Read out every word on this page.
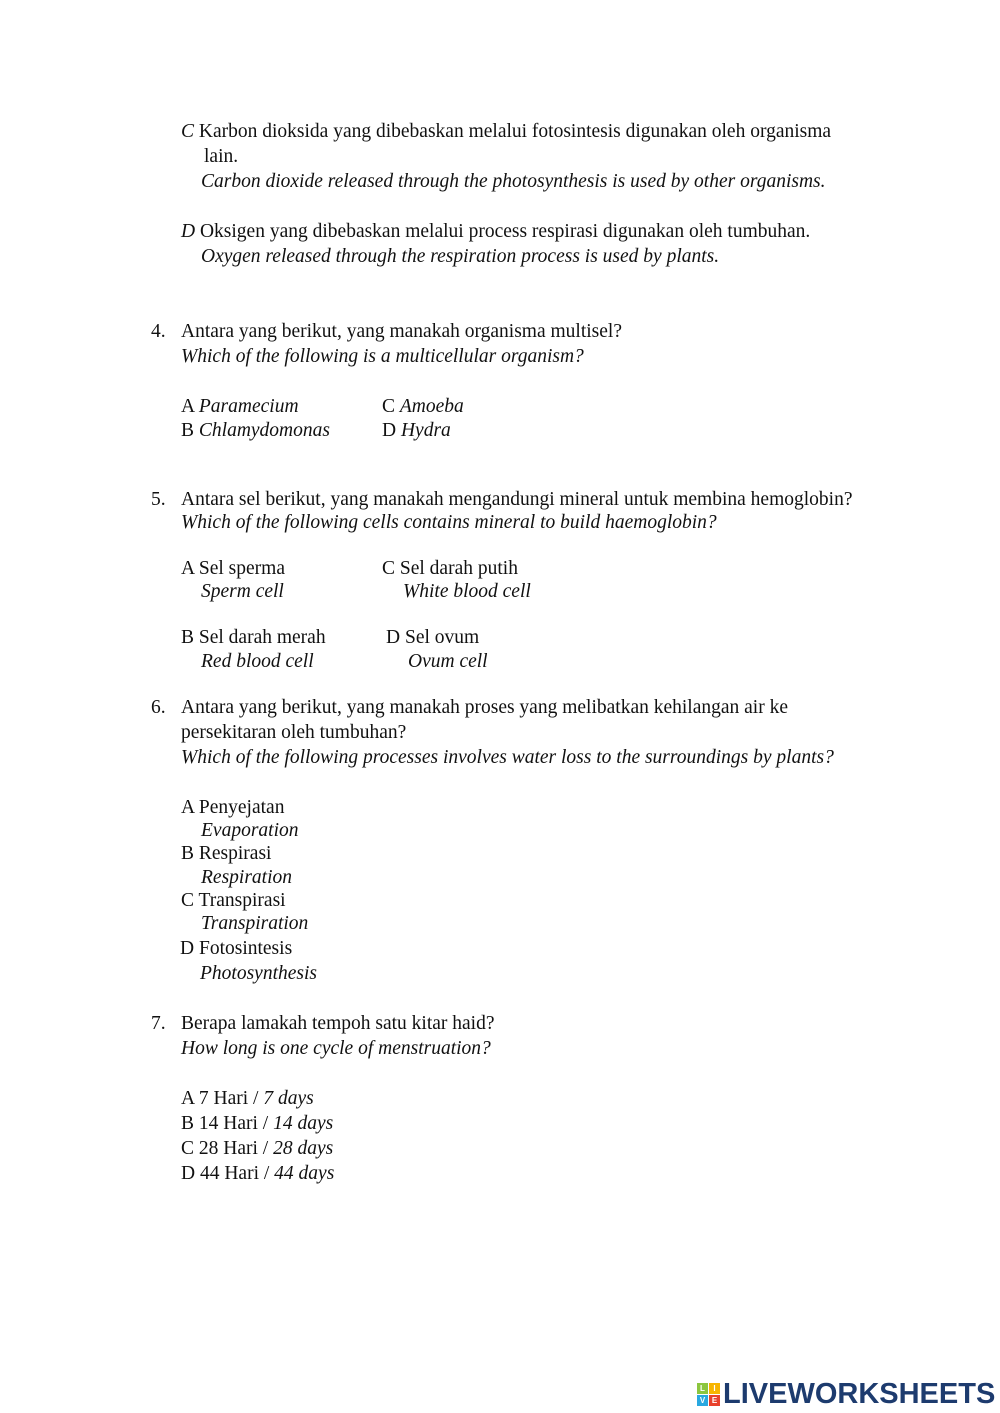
C Karbon dioksida yang dibebaskan melalui fotosintesis digunakan oleh organisma
lain.
Carbon dioxide released through the photosynthesis is used by other organisms.
D Oksigen yang dibebaskan melalui process respirasi digunakan oleh tumbuhan.
Oxygen released through the respiration process is used by plants.
4. Antara yang berikut, yang manakah organisma multisel?
Which of the following is a multicellular organism?
A Paramecium
B Chlamydomonas
C Amoeba
D Hydra
5. Antara sel berikut, yang manakah mengandungi mineral untuk membina hemoglobin?
Which of the following cells contains mineral to build haemoglobin?
A Sel sperma
Sperm cell
C Sel darah putih
White blood cell
B Sel darah merah
Red blood cell
D Sel ovum
Ovum cell
6. Antara yang berikut, yang manakah proses yang melibatkan kehilangan air ke
persekitaran oleh tumbuhan?
Which of the following processes involves water loss to the surroundings by plants?
A Penyejatan
Evaporation
B Respirasi
Respiration
C Transpirasi
Transpiration
D Fotosintesis
Photosynthesis
7. Berapa lamakah tempoh satu kitar haid?
How long is one cycle of menstruation?
A 7 Hari / 7 days
B 14 Hari / 14 days
C 28 Hari / 28 days
D 44 Hari / 44 days
L	I
V E LIVEWORKSHEETS
